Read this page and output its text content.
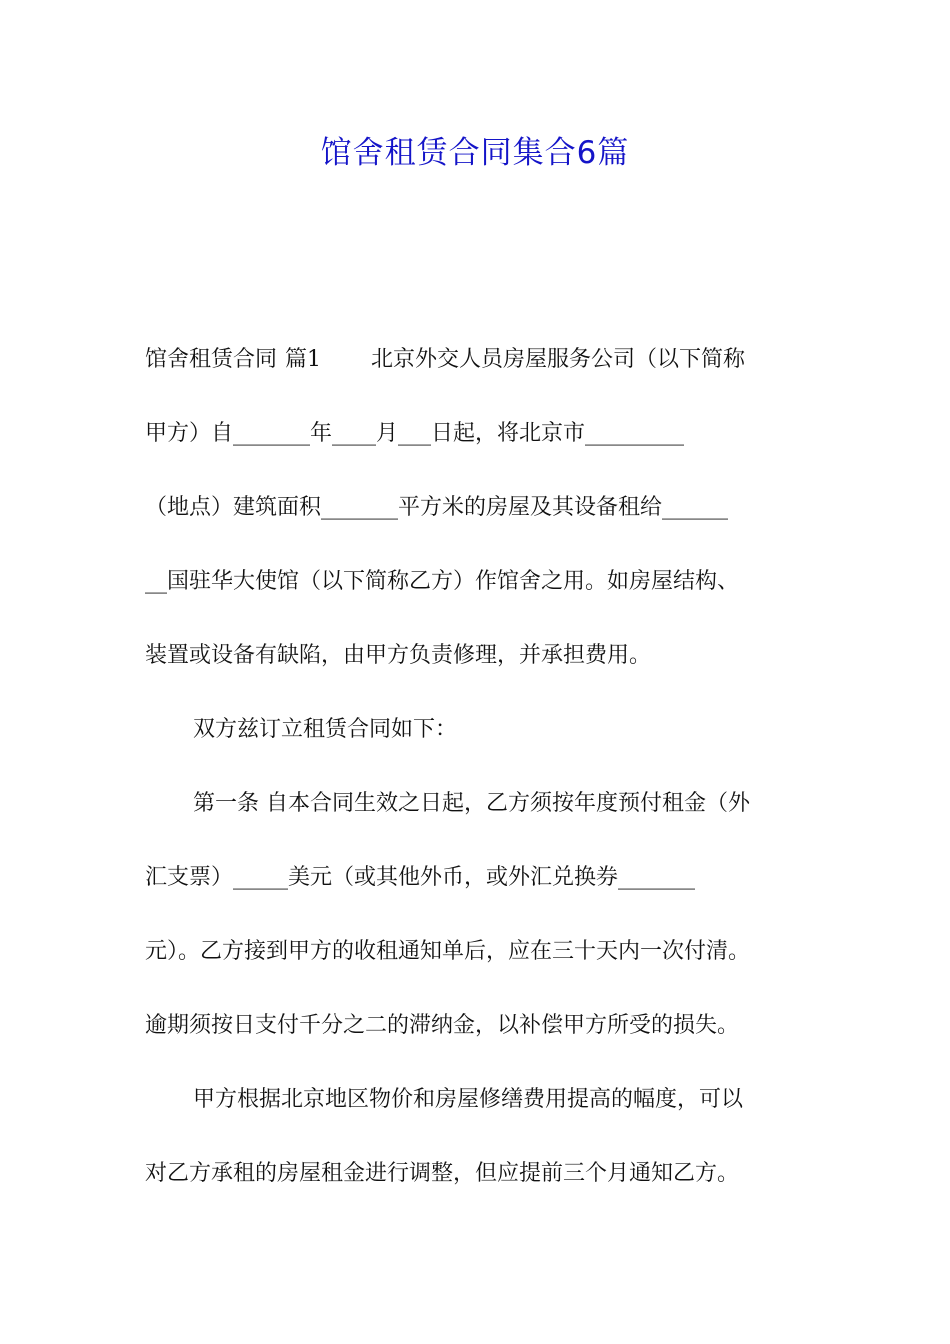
馆舍租赁合同集合6篇
馆舍租赁合同 篇1 北京外交人员房屋服务公司（以下简称
甲方）自_______年____月___日起，将北京市_________
（地点）建筑面积_______平方米的房屋及其设备租给______
__国驻华大使馆（以下简称乙方）作馆舍之用。如房屋结构、
装置或设备有缺陷，由甲方负责修理，并承担费用。
双方兹订立租赁合同如下：
第一条 自本合同生效之日起，乙方须按年度预付租金（外
汇支票）_____美元（或其他外币，或外汇兑换券_______
元）。乙方接到甲方的收租通知单后，应在三十天内一次付清。
逾期须按日支付千分之二的滞纳金，以补偿甲方所受的损失。
甲方根据北京地区物价和房屋修缮费用提高的幅度，可以
对乙方承租的房屋租金进行调整，但应提前三个月通知乙方。
